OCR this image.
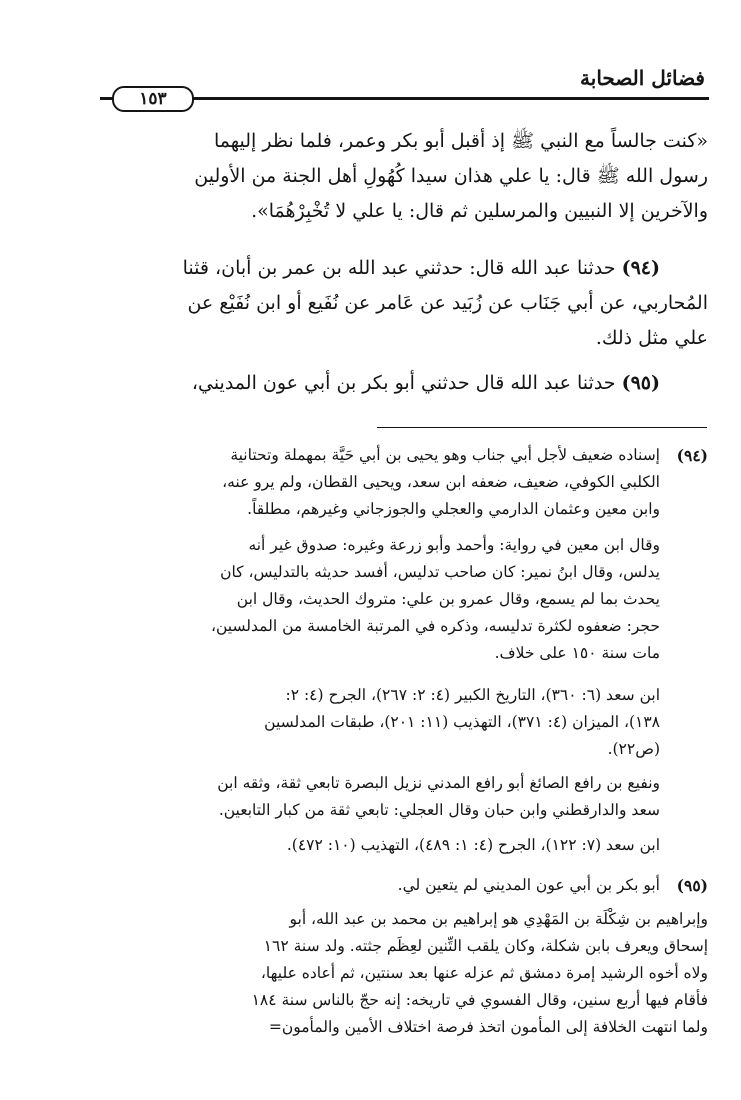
فضائل الصحابة
١٥٣
«كنت جالساً مع النبي ﷺ إذ أقبل أبو بكر وعمر، فلما نظر إليهما
رسول الله ﷺ قال: يا علي هذان سيدا كُهُولِ أهل الجنة من الأولين
والآخرين إلا النبيين والمرسلين ثم قال: يا علي لا تُخْبِرْهُمَا».
(٩٤) حدثنا عبد الله قال: حدثني عبد الله بن عمر بن أبان، قثنا
المُحاربي، عن أبي جَنَاب عن زُبَيد عن عَامر عن نُفَيع أو ابن نُفَيْع عن
علي مثل ذلك.
(٩٥) حدثنا عبد الله قال حدثني أبو بكر بن أبي عون المديني،
(٩٤)
إسناده ضعيف لأجل أبي جناب وهو يحيى بن أبي حَيَّة بمهملة وتحتانية
الكلبي الكوفي، ضعيف، ضعفه ابن سعد، ويحيى القطان، ولم يرو عنه،
وابن معين وعثمان الدارمي والعجلي والجوزجاني وغيرهم، مطلقاً.
وقال ابن معين في رواية: وأحمد وأبو زرعة وغيره: صدوق غير أنه
يدلس، وقال ابنُ نمير: كان صاحب تدليس، أفسد حديثه بالتدليس، كان
يحدث بما لم يسمع، وقال عمرو بن علي: متروك الحديث، وقال ابن
حجر: ضعفوه لكثرة تدليسه، وذكره في المرتبة الخامسة من المدلسين،
مات سنة ١٥٠ على خلاف.
ابن سعد (٦: ٣٦٠)، التاريخ الكبير (٤: ٢: ٢٦٧)، الجرح (٤: ٢:
١٣٨)، الميزان (٤: ٣٧١)، التهذيب (١١: ٢٠١)، طبقات المدلسين
(ص٢٢).
ونفيع بن رافع الصائغ أبو رافع المدني نزيل البصرة تابعي ثقة، وثقه ابن
سعد والدارقطني وابن حبان وقال العجلي: تابعي ثقة من كبار التابعين.
ابن سعد (٧: ١٢٢)، الجرح (٤: ١: ٤٨٩)، التهذيب (١٠: ٤٧٢).
(٩٥)
أبو بكر بن أبي عون المديني لم يتعين لي.
وإبراهيم بن شِكْلَة بن المَهْدِي هو إبراهيم بن محمد بن عبد الله، أبو
إسحاق ويعرف بابن شكلة، وكان يلقب التِّنين لعِظَم جثته. ولد سنة ١٦٢
ولاه أخوه الرشيد إمرة دمشق ثم عزله عنها بعد سنتين، ثم أعاده عليها،
فأقام فيها أربع سنين، وقال الفسوي في تاريخه: إنه حجّ بالناس سنة ١٨٤
ولما انتهت الخلافة إلى المأمون اتخذ فرصة اختلاف الأمين والمأمون=
